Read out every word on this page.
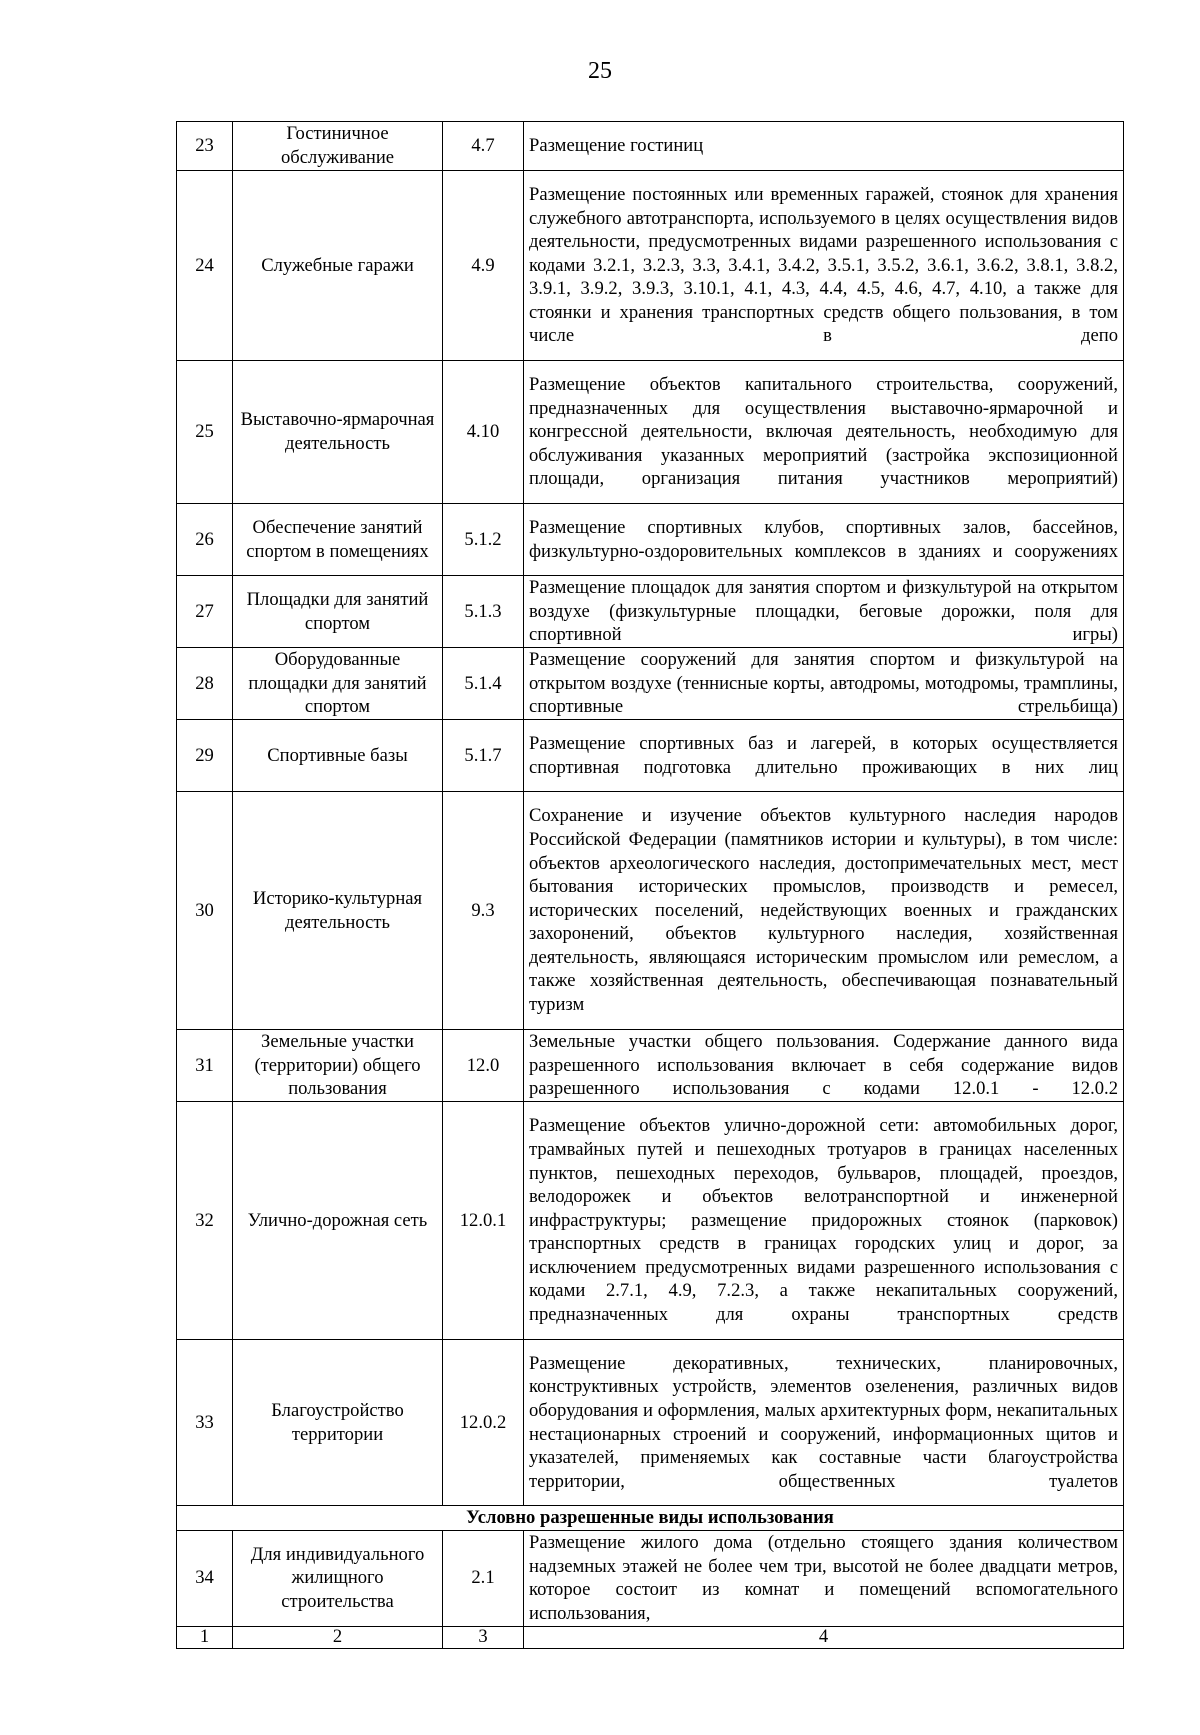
25
23	Гостиничное обслуживание	4.7	Размещение гостиниц
24	Служебные гаражи	4.9	Размещение постоянных или временных гаражей, стоянок для хранения служебного автотранспорта, используемого в целях осуществления видов деятельности, предусмотренных видами разрешенного использования с кодами 3.2.1, 3.2.3, 3.3, 3.4.1, 3.4.2, 3.5.1, 3.5.2, 3.6.1, 3.6.2, 3.8.1, 3.8.2, 3.9.1, 3.9.2, 3.9.3, 3.10.1, 4.1, 4.3, 4.4, 4.5, 4.6, 4.7, 4.10, а также для стоянки и хранения транспортных средств общего пользования, в том числе в депо
25	Выставочно-ярмарочная деятельность	4.10	Размещение объектов капитального строительства, сооружений, предназначенных для осуществления выставочно-ярмарочной и конгрессной деятельности, включая деятельность, необходимую для обслуживания указанных мероприятий (застройка экспозиционной площади, организация питания участников мероприятий)
26	Обеспечение занятий спортом в помещениях	5.1.2	Размещение спортивных клубов, спортивных залов, бассейнов, физкультурно-оздоровительных комплексов в зданиях и сооружениях
27	Площадки для занятий спортом	5.1.3	Размещение площадок для занятия спортом и физкультурой на открытом воздухе (физкультурные площадки, беговые дорожки, поля для спортивной игры)
28	Оборудованные площадки для занятий спортом	5.1.4	Размещение сооружений для занятия спортом и физкультурой на открытом воздухе (теннисные корты, автодромы, мотодромы, трамплины, спортивные стрельбища)
29	Спортивные базы	5.1.7	Размещение спортивных баз и лагерей, в которых осуществляется спортивная подготовка длительно проживающих в них лиц
30	Историко-культурная деятельность	9.3	Сохранение и изучение объектов культурного наследия народов Российской Федерации (памятников истории и культуры), в том числе: объектов археологического наследия, достопримечательных мест, мест бытования исторических промыслов, производств и ремесел, исторических поселений, недействующих военных и гражданских захоронений, объектов культурного наследия, хозяйственная деятельность, являющаяся историческим промыслом или ремеслом, а также хозяйственная деятельность, обеспечивающая познавательный туризм
31	Земельные участки (территории) общего пользования	12.0	Земельные участки общего пользования. Содержание данного вида разрешенного использования включает в себя содержание видов разрешенного использования с кодами 12.0.1 - 12.0.2
32	Улично-дорожная сеть	12.0.1	Размещение объектов улично-дорожной сети: автомобильных дорог, трамвайных путей и пешеходных тротуаров в границах населенных пунктов, пешеходных переходов, бульваров, площадей, проездов, велодорожек и объектов велотранспортной и инженерной инфраструктуры; размещение придорожных стоянок (парковок) транспортных средств в границах городских улиц и дорог, за исключением предусмотренных видами разрешенного использования с кодами 2.7.1, 4.9, 7.2.3, а также некапитальных сооружений, предназначенных для охраны транспортных средств
33	Благоустройство территории	12.0.2	Размещение декоративных, технических, планировочных, конструктивных устройств, элементов озеленения, различных видов оборудования и оформления, малых архитектурных форм, некапитальных нестационарных строений и сооружений, информационных щитов и указателей, применяемых как составные части благоустройства территории, общественных туалетов
Условно разрешенные виды использования			
34	Для индивидуального жилищного строительства	2.1	Размещение жилого дома (отдельно стоящего здания количеством надземных этажей не более чем три, высотой не более двадцати метров, которое состоит из комнат и помещений вспомогательного использования,
1	2	3	4
